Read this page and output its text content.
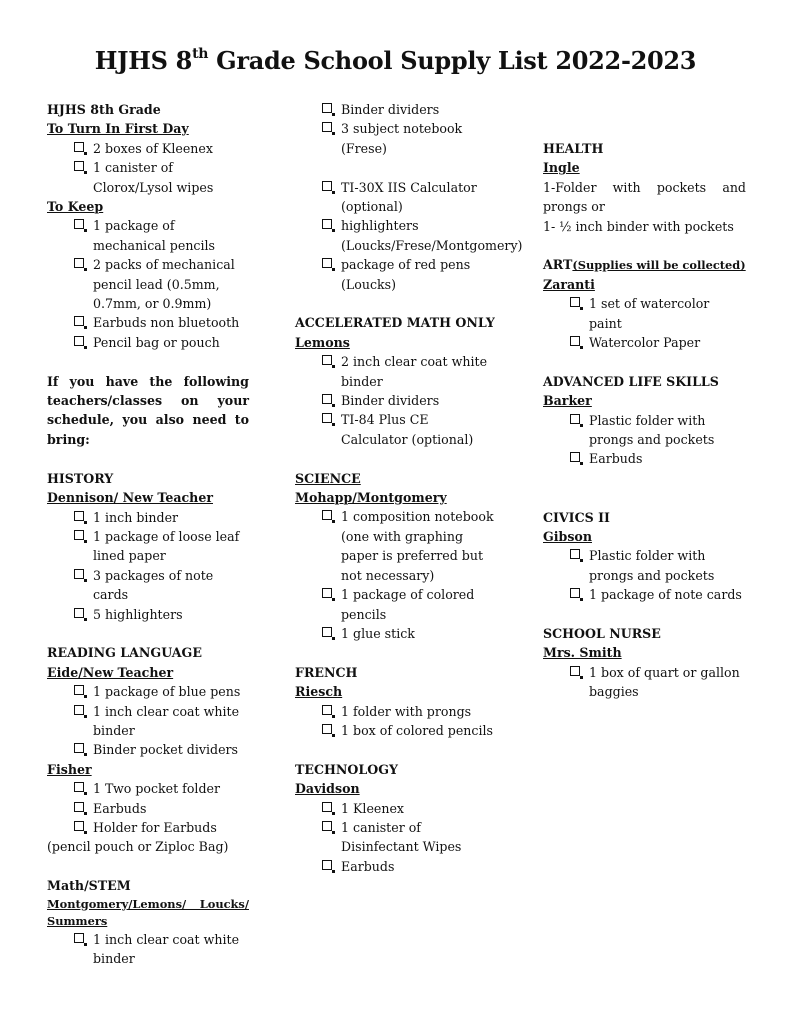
HJHS 8th Grade School Supply List 2022-2023
HJHS 8th Grade
To Turn In First Day
2 boxes of Kleenex
1 canister of Clorox/Lysol wipes
To Keep
1 package of mechanical pencils
2 packs of mechanical pencil lead (0.5mm, 0.7mm, or 0.9mm)
Earbuds non bluetooth
Pencil bag or pouch
If you have the following teachers/classes on your schedule, you also need to bring:
HISTORY
Dennison/ New Teacher
1 inch binder
1 package of loose leaf lined paper
3 packages of note cards
5 highlighters
READING LANGUAGE
Eide/New Teacher
1 package of blue pens
1 inch clear coat white binder
Binder pocket dividers
Fisher
1 Two pocket folder
Earbuds
Holder for Earbuds
(pencil pouch or Ziploc Bag)
Math/STEM
Montgomery/Lemons/ Loucks/ Summers
1 inch clear coat white binder
Binder dividers
3 subject notebook (Frese)
TI-30X IIS Calculator (optional)
highlighters (Loucks/Frese/Montgomery)
package of red pens (Loucks)
ACCELERATED MATH ONLY
Lemons
2 inch clear coat white binder
Binder dividers
TI-84 Plus CE Calculator (optional)
SCIENCE
Mohapp/Montgomery
1 composition notebook (one with graphing paper is preferred but not necessary)
1 package of colored pencils
1 glue stick
FRENCH
Riesch
1 folder with prongs
1 box of colored pencils
TECHNOLOGY
Davidson
1 Kleenex
1 canister of Disinfectant Wipes
Earbuds
HEALTH
Ingle
1-Folder with pockets and prongs or
1- ½ inch binder with pockets
ART(Supplies will be collected)
Zaranti
1 set of watercolor paint
Watercolor Paper
ADVANCED LIFE SKILLS
Barker
Plastic folder with prongs and pockets
Earbuds
CIVICS II
Gibson
Plastic folder with prongs and pockets
1 package of note cards
SCHOOL NURSE
Mrs. Smith
1 box of quart or gallon baggies
